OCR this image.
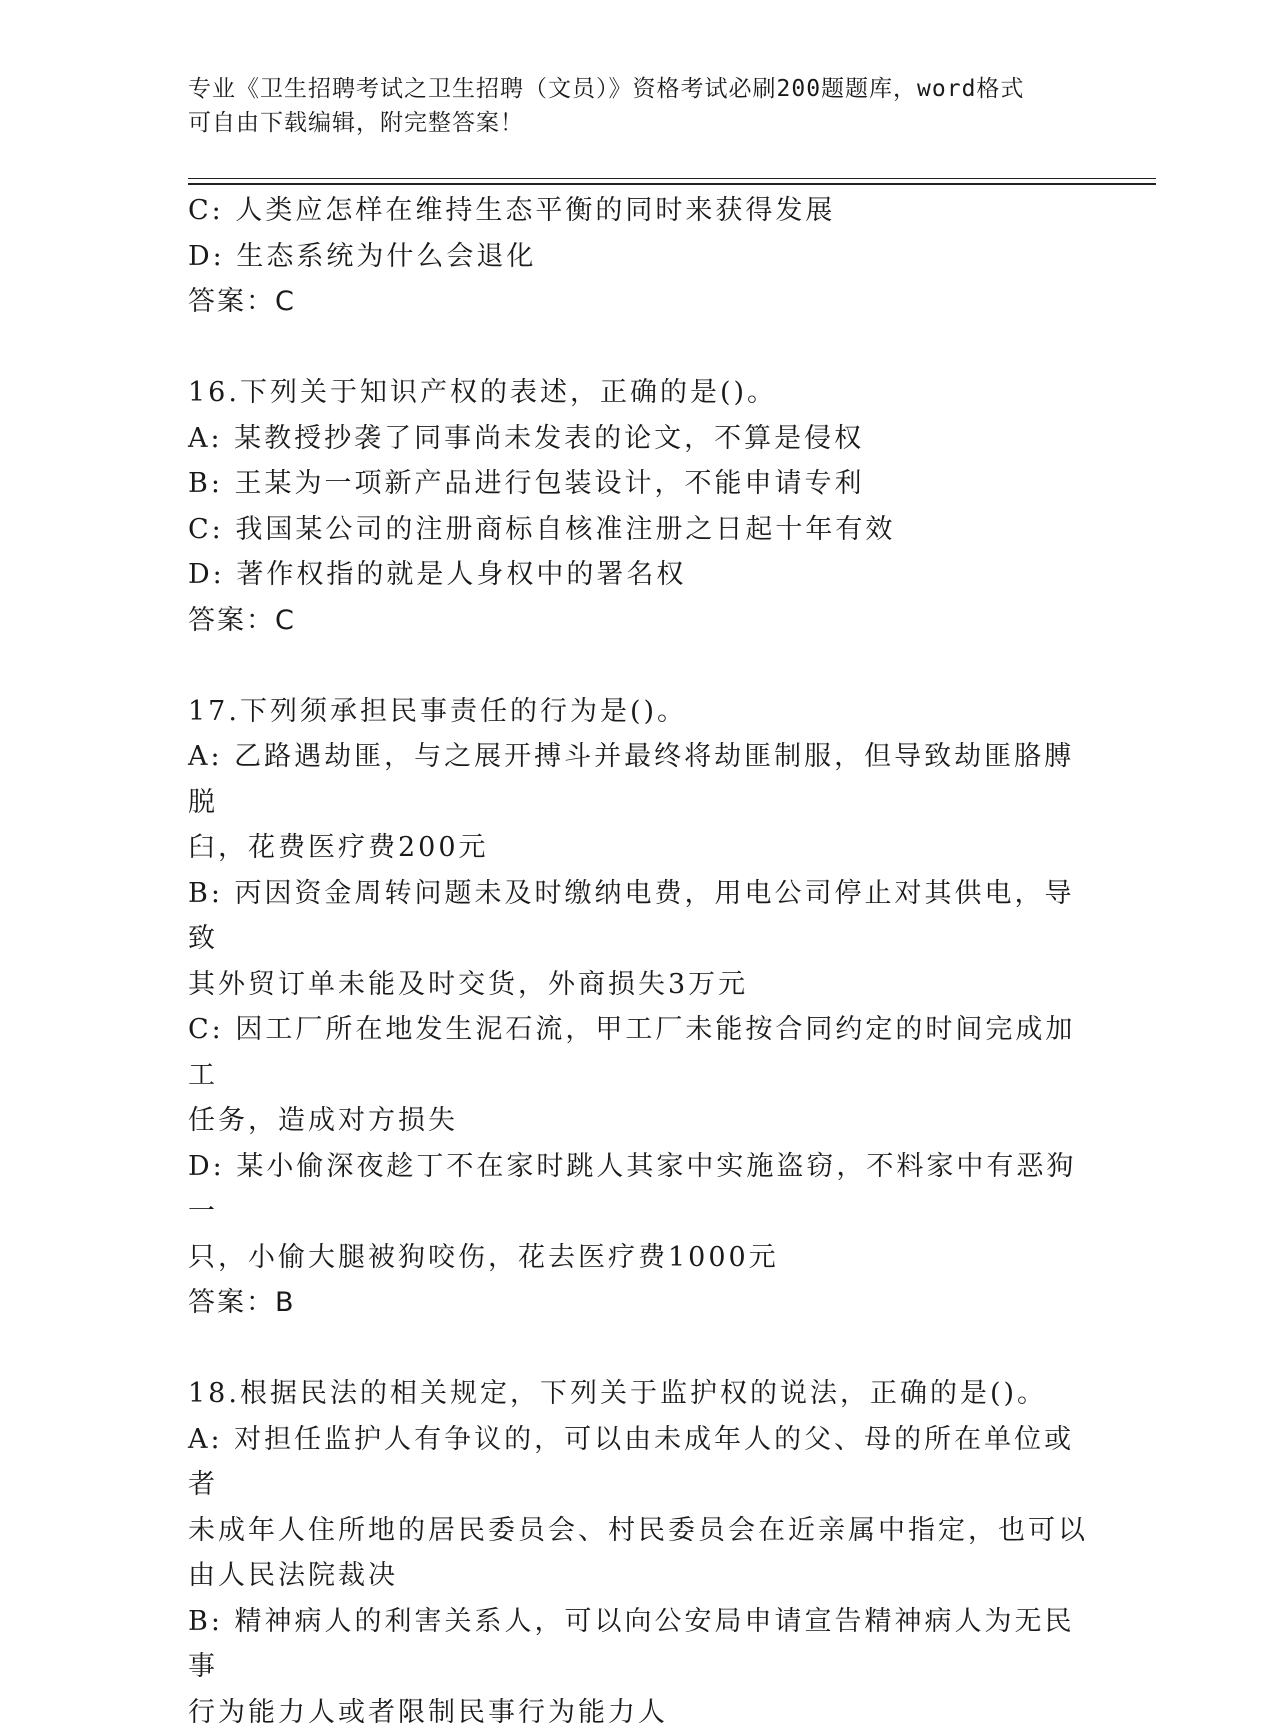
专业《卫生招聘考试之卫生招聘（文员）》资格考试必刷200题题库，word格式
可自由下载编辑，附完整答案！
C: 人类应怎样在维持生态平衡的同时来获得发展
D: 生态系统为什么会退化
答案：C
16.下列关于知识产权的表述，正确的是()。
A: 某教授抄袭了同事尚未发表的论文，不算是侵权
B: 王某为一项新产品进行包装设计，不能申请专利
C: 我国某公司的注册商标自核准注册之日起十年有效
D: 著作权指的就是人身权中的署名权
答案：C
17.下列须承担民事责任的行为是()。
A: 乙路遇劫匪，与之展开搏斗并最终将劫匪制服，但导致劫匪胳膊脱
臼，花费医疗费200元
B: 丙因资金周转问题未及时缴纳电费，用电公司停止对其供电，导致
其外贸订单未能及时交货，外商损失3万元
C: 因工厂所在地发生泥石流，甲工厂未能按合同约定的时间完成加工
任务，造成对方损失
D: 某小偷深夜趁丁不在家时跳人其家中实施盗窃，不料家中有恶狗一
只，小偷大腿被狗咬伤，花去医疗费1000元
答案：B
18.根据民法的相关规定，下列关于监护权的说法，正确的是()。
A: 对担任监护人有争议的，可以由未成年人的父、母的所在单位或者
未成年人住所地的居民委员会、村民委员会在近亲属中指定，也可以
由人民法院裁决
B: 精神病人的利害关系人，可以向公安局申请宣告精神病人为无民事
行为能力人或者限制民事行为能力人
